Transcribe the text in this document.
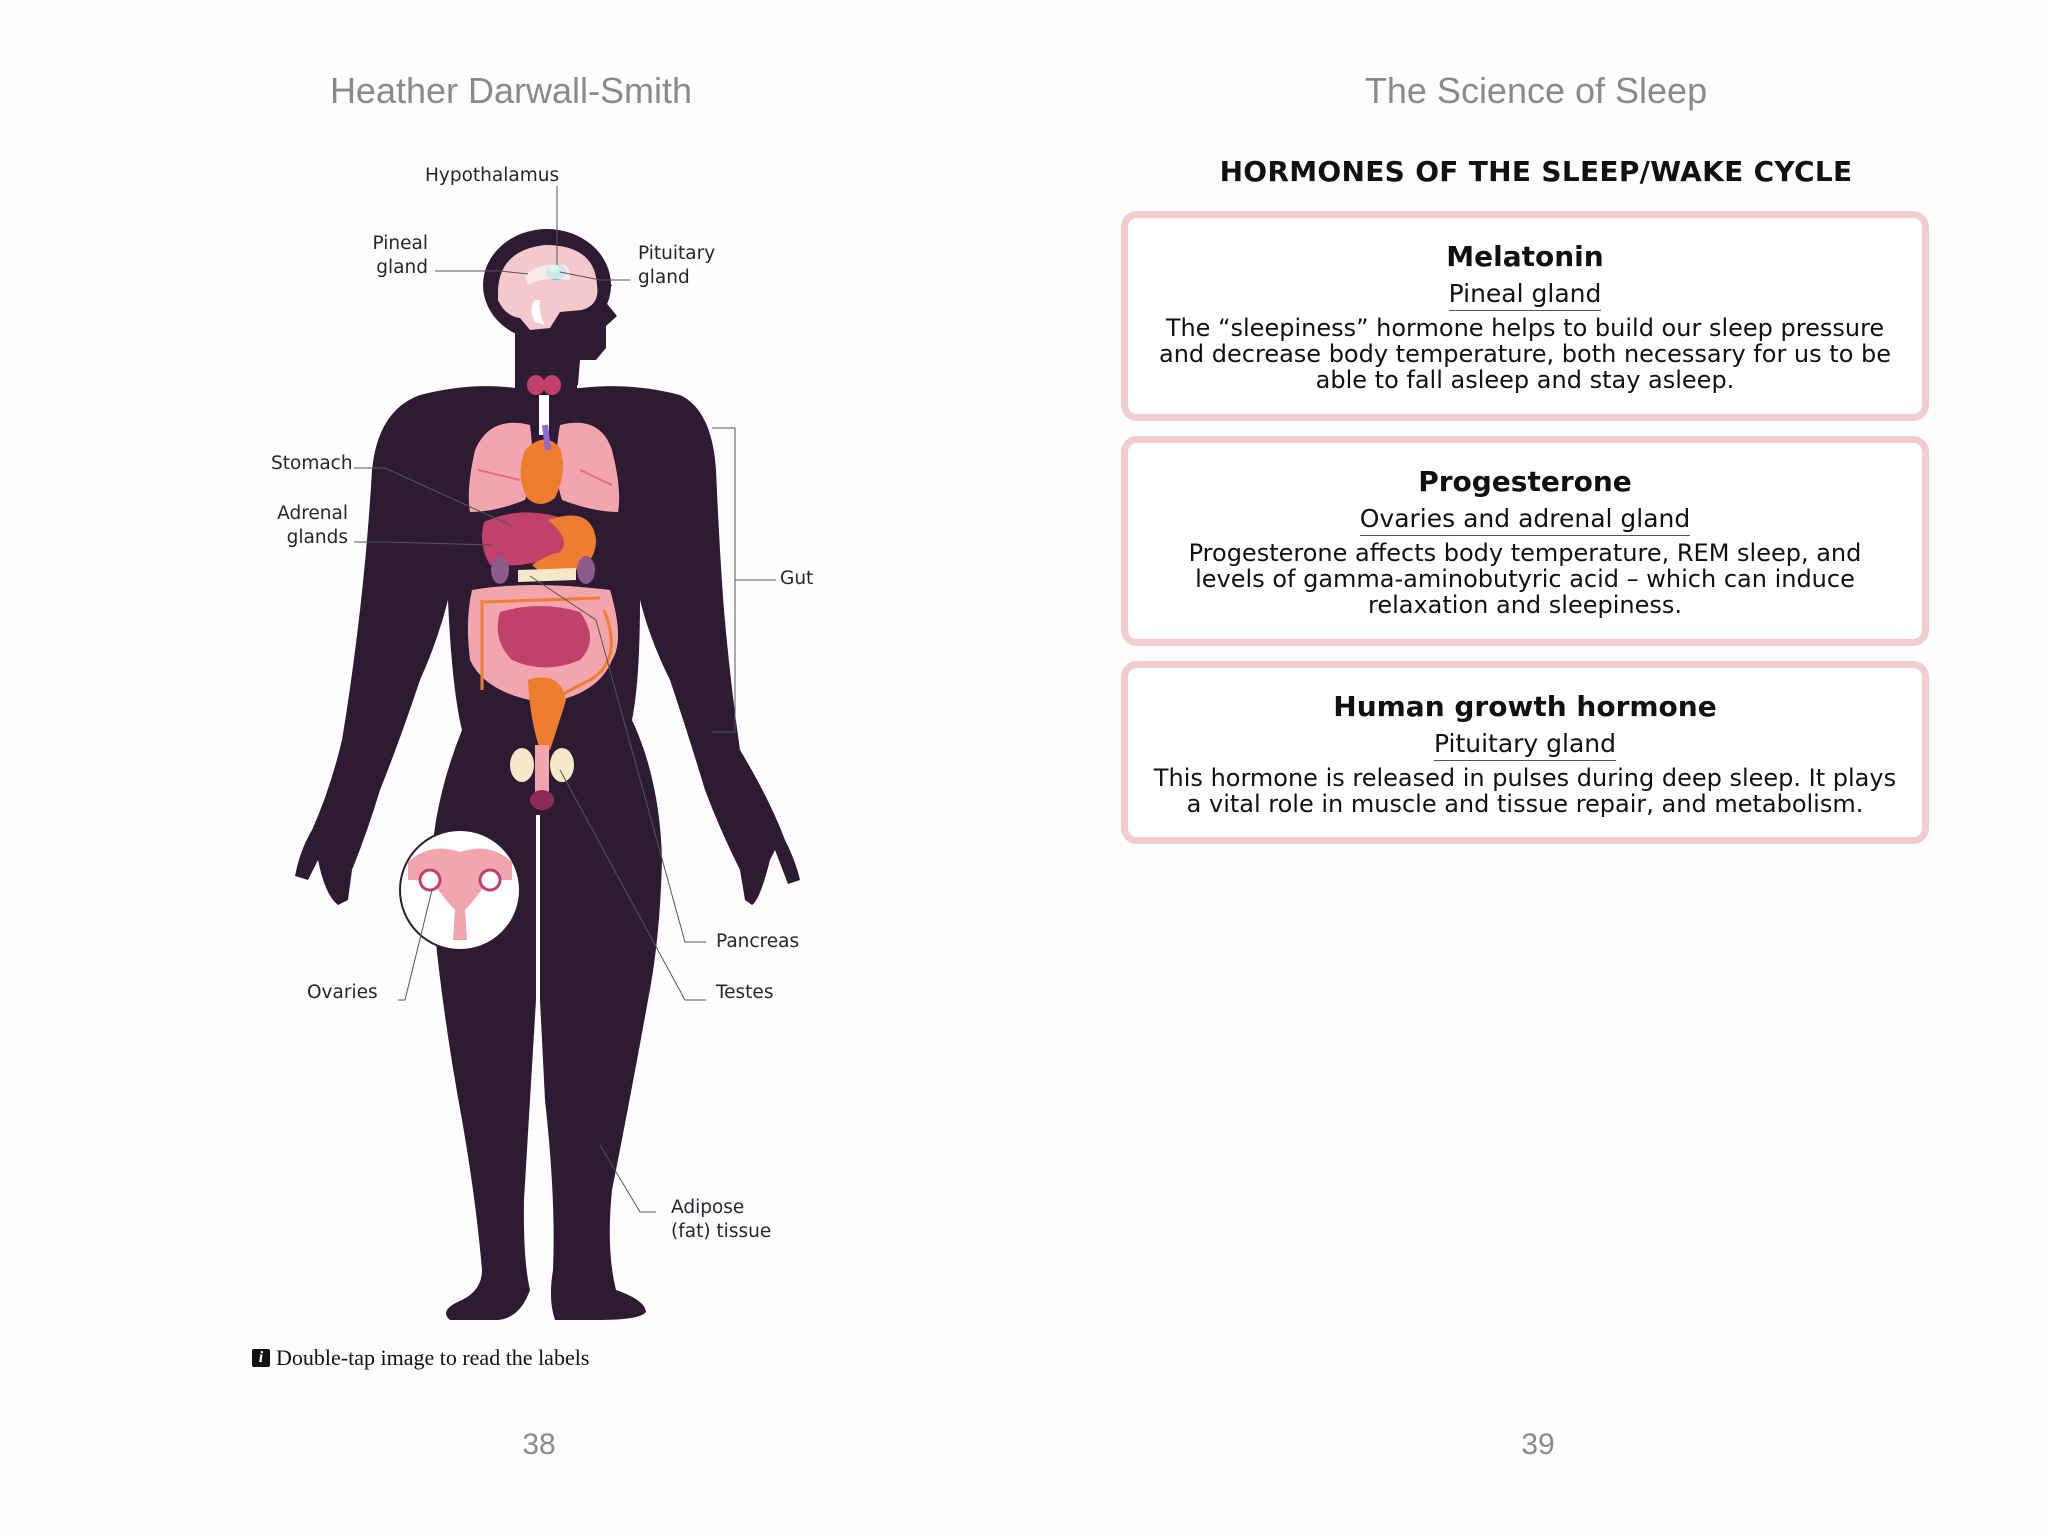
Heather Darwall-Smith
Hypothalamus
Pineal
gland
Pituitary
gland
Stomach
Adrenal
glands
Gut
Pancreas
Testes
Ovaries
Adipose
(fat) tissue
i Double-tap image to read the labels
38
The Science of Sleep
HORMONES OF THE SLEEP/WAKE CYCLE
Melatonin
Pineal gland
The “sleepiness” hormone helps to build our sleep pressure and decrease body temperature, both necessary for us to be able to fall asleep and stay asleep.
Progesterone
Ovaries and adrenal gland
Progesterone affects body temperature, REM sleep, and levels of gamma-aminobutyric acid – which can induce relaxation and sleepiness.
Human growth hormone
Pituitary gland
This hormone is released in pulses during deep sleep. It plays a vital role in muscle and tissue repair, and metabolism.
39
